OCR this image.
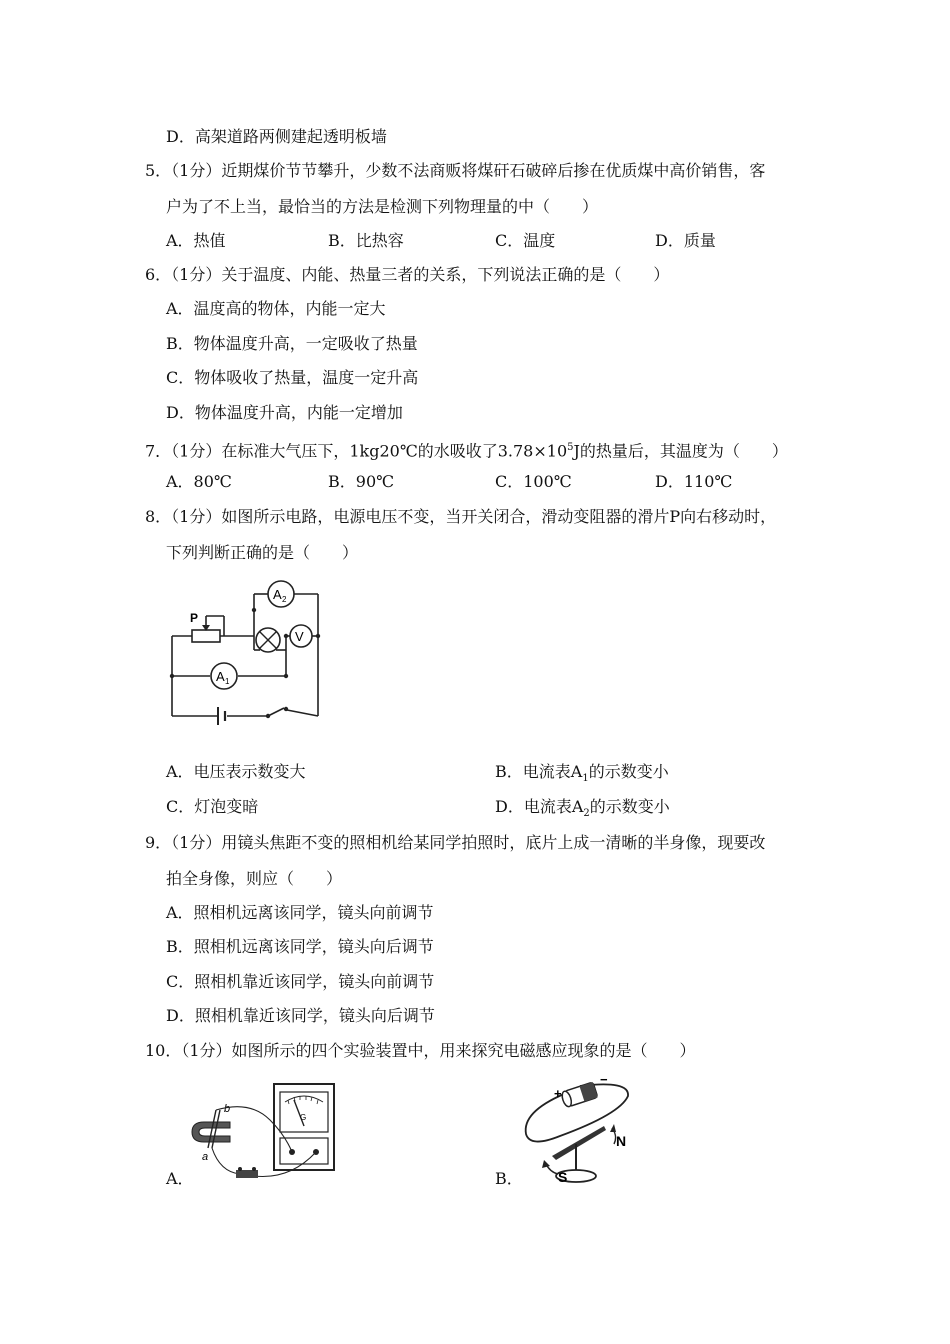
D．高架道路两侧建起透明板墙
5．（1分）近期煤价节节攀升，少数不法商贩将煤矸石破碎后掺在优质煤中高价销售，客
户为了不上当，最恰当的方法是检测下列物理量的中（　　）
A．热值	B．比热容	C．温度	D．质量
6．（1分）关于温度、内能、热量三者的关系，下列说法正确的是（　　）
A．温度高的物体，内能一定大
B．物体温度升高，一定吸收了热量
C．物体吸收了热量，温度一定升高
D．物体温度升高，内能一定增加
7．（1分）在标准大气压下，1kg20℃的水吸收了$3.78\times 10^5J$的热量后，其温度为（　　）
A．80℃	B．90℃	C．100℃	D．110℃
8．（1分）如图所示电路，电源电压不变，当开关闭合，滑动变阻器的滑片P向右移动时，
下列判断正确的是（　　）
P
V
A 2
A 1
A．电压表示数变大	B．电流表$A_1$的示数变小
C．灯泡变暗	D．电流表$A_2$的示数变小
9．（1分）用镜头焦距不变的照相机给某同学拍照时，底片上成一清晰的半身像，现要改
拍全身像，则应（　　）
A．照相机远离该同学，镜头向前调节
B．照相机远离该同学，镜头向后调节
C．照相机靠近该同学，镜头向前调节
D．照相机靠近该同学，镜头向后调节
10．（1分）如图所示的四个实验装置中，用来探究电磁感应现象的是（　　）
A．
G
b
a
B．
+
−
N
S
